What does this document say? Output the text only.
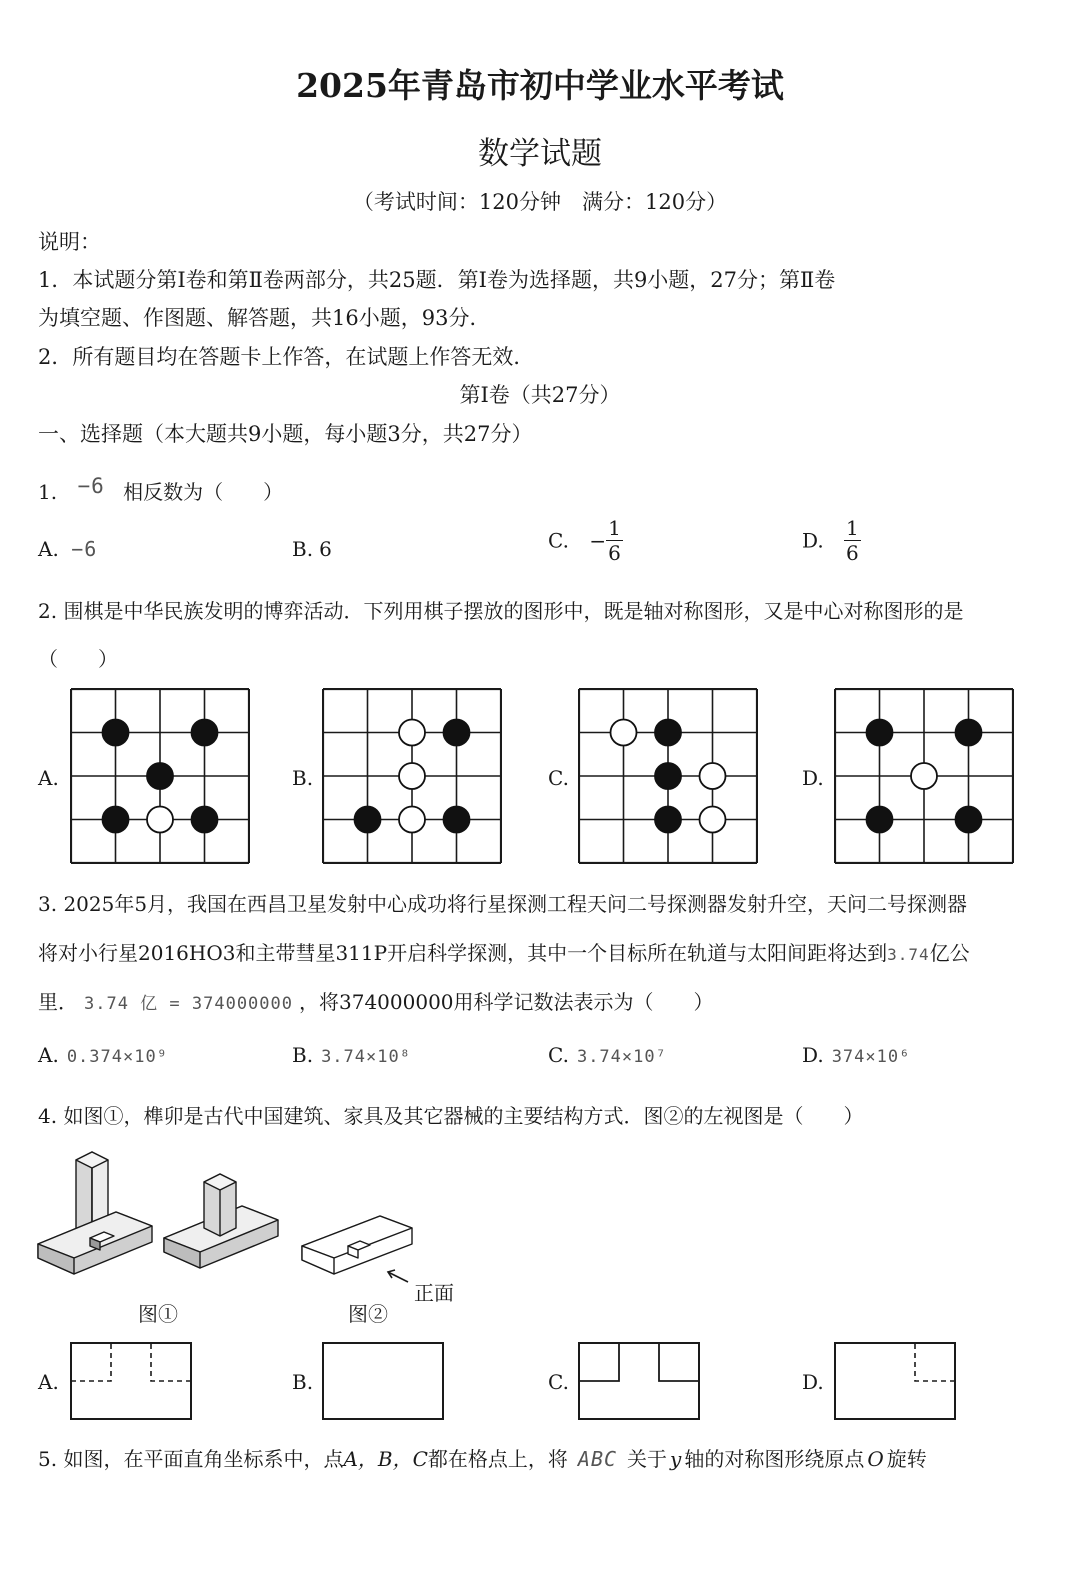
2025年青岛市初中学业水平考试
数学试题
（考试时间：120分钟　满分：120分）
说明：
1．本试题分第Ⅰ卷和第Ⅱ卷两部分，共25题．第Ⅰ卷为选择题，共9小题，27分；第Ⅱ卷
为填空题、作图题、解答题，共16小题，93分．
2．所有题目均在答题卡上作答，在试题上作答无效．
第Ⅰ卷（共27分）
一、选择题（本大题共9小题，每小题3分，共27分）
1. −6 相反数为（　　）
A. −6	B. 6	C. − $\frac{1}{6}$	D. $\frac{1}{6}$
2. 围棋是中华民族发明的博弈活动．下列用棋子摆放的图形中，既是轴对称图形，又是中心对称图形的是
（　　）
A.	B.	C.	D.
3. 2025年5月，我国在西昌卫星发射中心成功将行星探测工程天问二号探测器发射升空，天问二号探测器
将对小行星2016HO3和主带彗星311P开启科学探测，其中一个目标所在轨道与太阳间距将达到3.74亿公
里． 3.74 亿 = 374000000 ，将374000000用科学记数法表示为（　　）
A. 0.374×10⁹	B. 3.74×10⁸	C. 3.74×10⁷	D. 374×10⁶
4. 如图①，榫卯是古代中国建筑、家具及其它器械的主要结构方式．图②的左视图是（　　）
图①
正面
图②
A.	B.	C.	D.
5. 如图，在平面直角坐标系中，点A，B，C都在格点上，将 ABC 关于 y 轴的对称图形绕原点 O 旋转
